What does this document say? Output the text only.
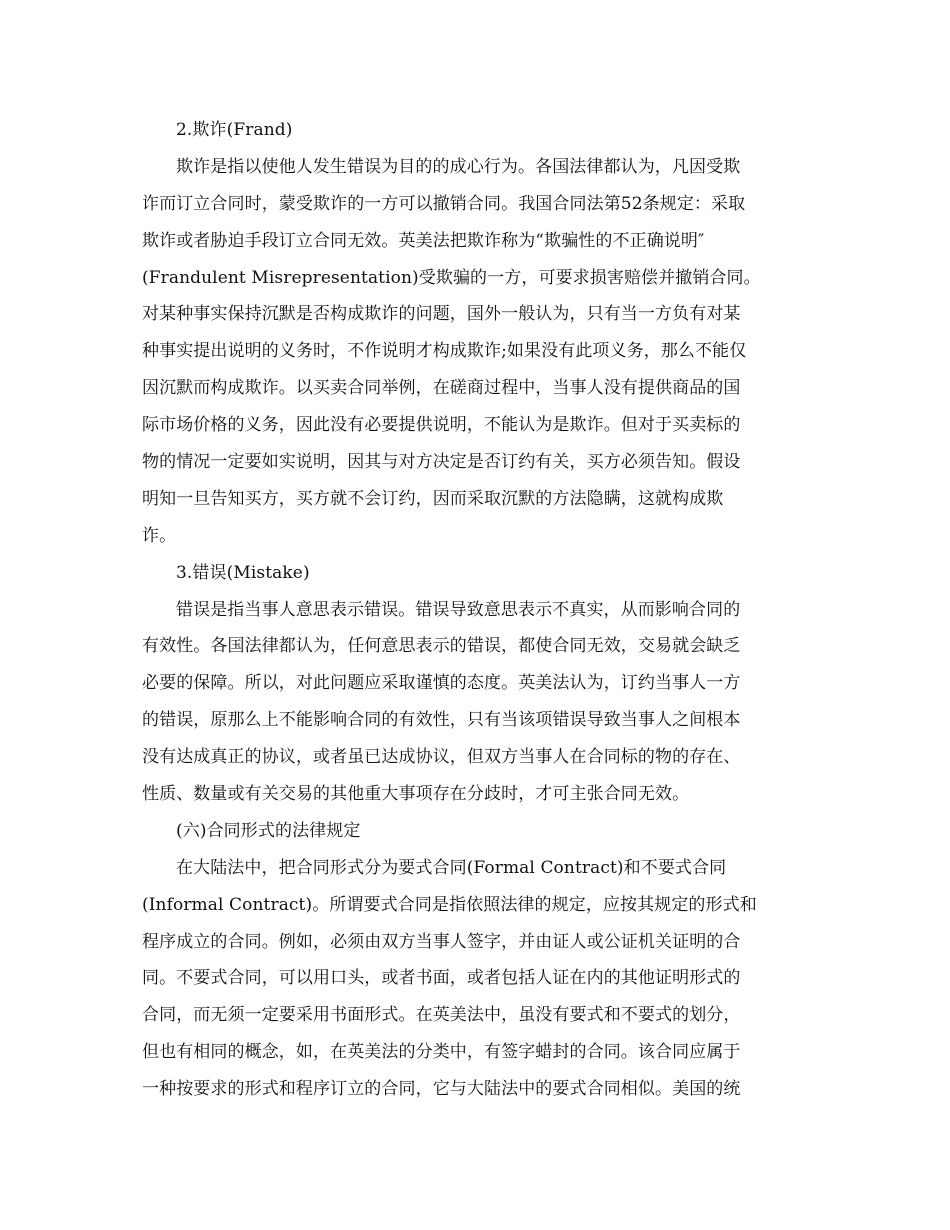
2.欺诈(Frand)
欺诈是指以使他人发生错误为目的的成心行为。各国法律都认为，凡因受欺
诈而订立合同时，蒙受欺诈的一方可以撤销合同。我国合同法第52条规定：采取
欺诈或者胁迫手段订立合同无效。英美法把欺诈称为“欺骗性的不正确说明″
(Frandulent Misrepresentation)受欺骗的一方，可要求损害赔偿并撤销合同。
对某种事实保持沉默是否构成欺诈的问题，国外一般认为，只有当一方负有对某
种事实提出说明的义务时，不作说明才构成欺诈;如果没有此项义务，那么不能仅
因沉默而构成欺诈。以买卖合同举例，在磋商过程中，当事人没有提供商品的国
际市场价格的义务，因此没有必要提供说明，不能认为是欺诈。但对于买卖标的
物的情况一定要如实说明，因其与对方决定是否订约有关，买方必须告知。假设
明知一旦告知买方，买方就不会订约，因而采取沉默的方法隐瞒，这就构成欺
诈。
3.错误(Mistake)
错误是指当事人意思表示错误。错误导致意思表示不真实，从而影响合同的
有效性。各国法律都认为，任何意思表示的错误，都使合同无效，交易就会缺乏
必要的保障。所以，对此问题应采取谨慎的态度。英美法认为，订约当事人一方
的错误，原那么上不能影响合同的有效性，只有当该项错误导致当事人之间根本
没有达成真正的协议，或者虽已达成协议，但双方当事人在合同标的物的存在、
性质、数量或有关交易的其他重大事项存在分歧时，才可主张合同无效。
(六)合同形式的法律规定
在大陆法中，把合同形式分为要式合同(Formal Contract)和不要式合同
(Informal Contract)。所谓要式合同是指依照法律的规定，应按其规定的形式和
程序成立的合同。例如，必须由双方当事人签字，并由证人或公证机关证明的合
同。不要式合同，可以用口头，或者书面，或者包括人证在内的其他证明形式的
合同，而无须一定要采用书面形式。在英美法中，虽没有要式和不要式的划分，
但也有相同的概念，如，在英美法的分类中，有签字蜡封的合同。该合同应属于
一种按要求的形式和程序订立的合同，它与大陆法中的要式合同相似。美国的统
